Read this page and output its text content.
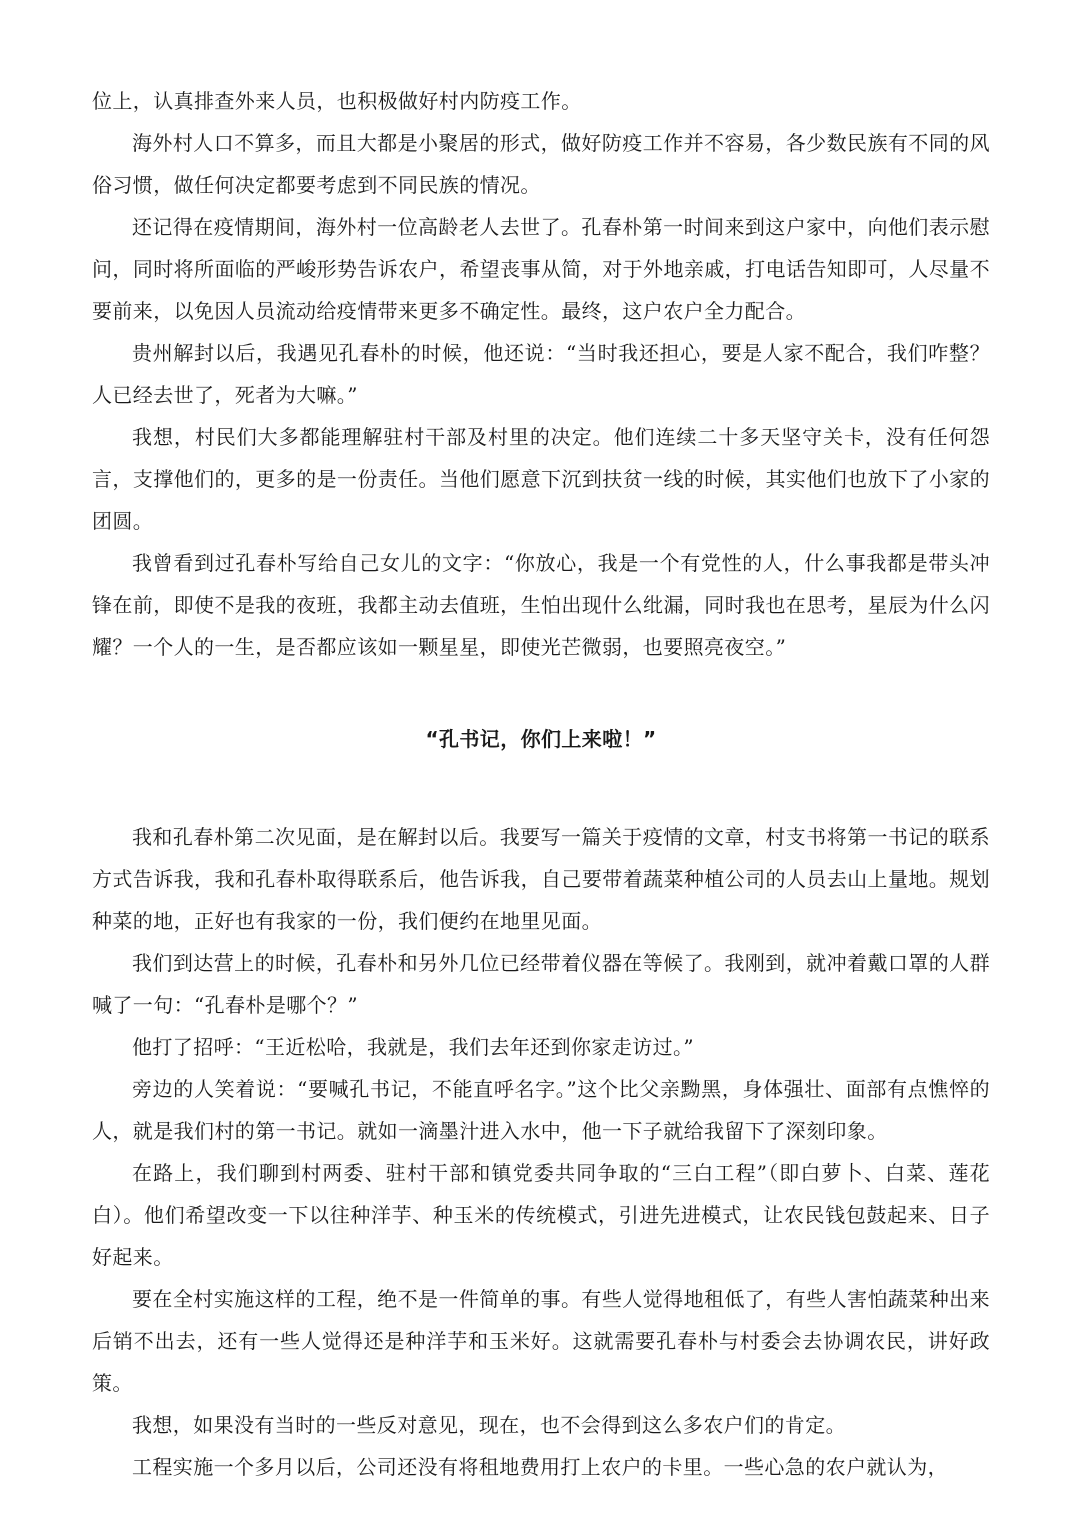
位上，认真排查外来人员，也积极做好村内防疫工作。

海外村人口不算多，而且大都是小聚居的形式，做好防疫工作并不容易，各少数民族有不同的风俗习惯，做任何决定都要考虑到不同民族的情况。

还记得在疫情期间，海外村一位高龄老人去世了。孔春朴第一时间来到这户家中，向他们表示慰问，同时将所面临的严峻形势告诉农户，希望丧事从简，对于外地亲戚，打电话告知即可，人尽量不要前来，以免因人员流动给疫情带来更多不确定性。最终，这户农户全力配合。

贵州解封以后，我遇见孔春朴的时候，他还说：“当时我还担心，要是人家不配合，我们咋整？人已经去世了，死者为大嘛。”

我想，村民们大多都能理解驻村干部及村里的决定。他们连续二十多天坚守关卡，没有任何怨言，支撑他们的，更多的是一份责任。当他们愿意下沉到扶贫一线的时候，其实他们也放下了小家的团圆。

我曾看到过孔春朴写给自己女儿的文字：“你放心，我是一个有党性的人，什么事我都是带头冲锋在前，即使不是我的夜班，我都主动去值班，生怕出现什么纰漏，同时我也在思考，星辰为什么闪耀？一个人的一生，是否都应该如一颗星星，即使光芒微弱，也要照亮夜空。”

“孔书记，你们上来啦！”

我和孔春朴第二次见面，是在解封以后。我要写一篇关于疫情的文章，村支书将第一书记的联系方式告诉我，我和孔春朴取得联系后，他告诉我，自己要带着蔬菜种植公司的人员去山上量地。规划种菜的地，正好也有我家的一份，我们便约在地里见面。

我们到达营上的时候，孔春朴和另外几位已经带着仪器在等候了。我刚到，就冲着戴口罩的人群喊了一句：“孔春朴是哪个？”

他打了招呼：“王近松哈，我就是，我们去年还到你家走访过。”

旁边的人笑着说：“要喊孔书记，不能直呼名字。”这个比父亲黝黑，身体强壮、面部有点憔悴的人，就是我们村的第一书记。就如一滴墨汁进入水中，他一下子就给我留下了深刻印象。

在路上，我们聊到村两委、驻村干部和镇党委共同争取的“三白工程”（即白萝卜、白菜、莲花白）。他们希望改变一下以往种洋芋、种玉米的传统模式，引进先进模式，让农民钱包鼓起来、日子好起来。

要在全村实施这样的工程，绝不是一件简单的事。有些人觉得地租低了，有些人害怕蔬菜种出来后销不出去，还有一些人觉得还是种洋芋和玉米好。这就需要孔春朴与村委会去协调农民，讲好政策。

我想，如果没有当时的一些反对意见，现在，也不会得到这么多农户们的肯定。

工程实施一个多月以后，公司还没有将租地费用打上农户的卡里。一些心急的农户就认为，
